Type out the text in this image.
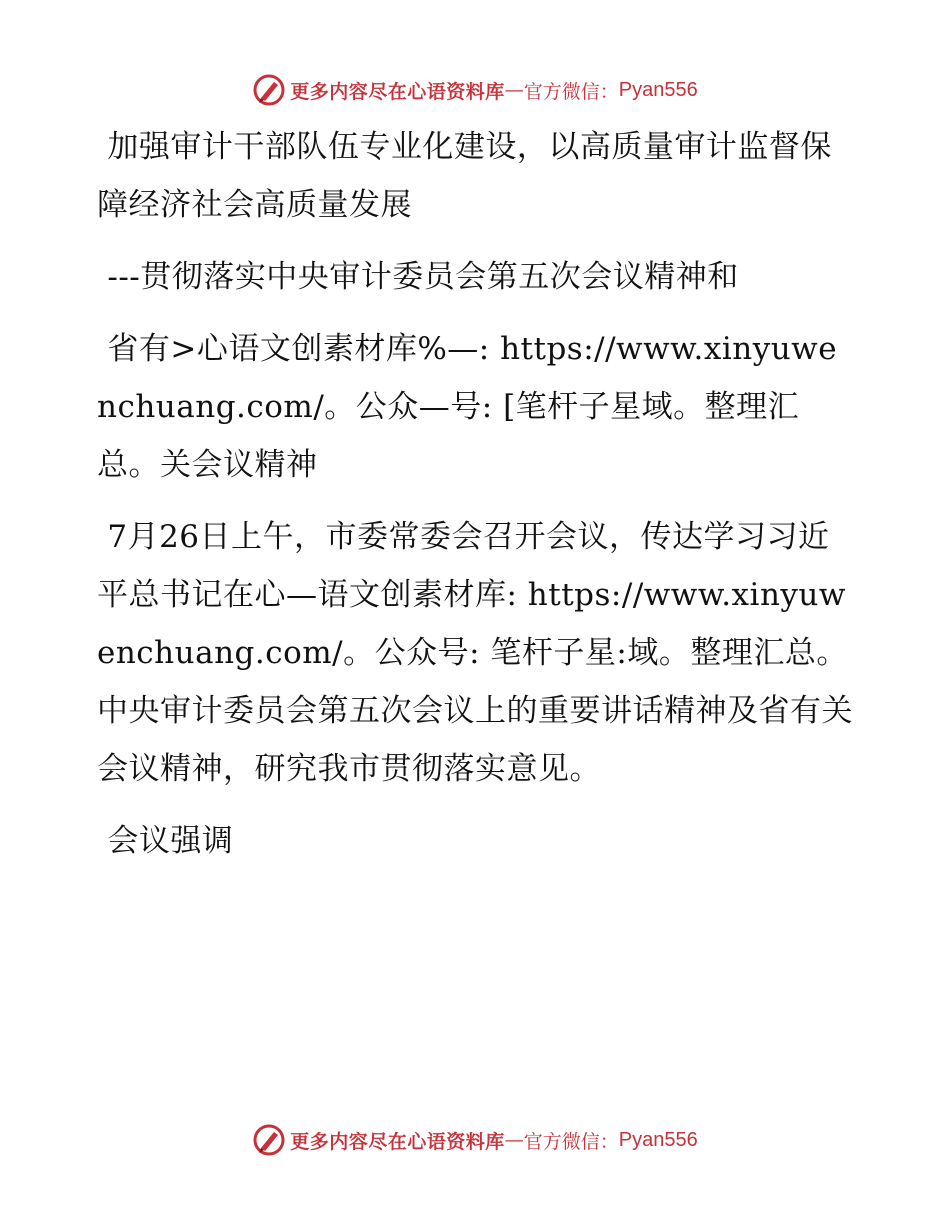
更多内容尽在心语资料库 — 官方微信： Pyan556

加强审计干部队伍专业化建设，以高质量审计监督保障经济社会高质量发展

---贯彻落实中央审计委员会第五次会议精神和

省有>心语文创素材库%—: https://www.xinyuwenchuang.com/。公众—号: [笔杆子星域。整理汇总。关会议精神

7月26日上午，市委常委会召开会议，传达学习习近平总书记在心—语文创素材库: https://www.xinyuwenchuang.com/。公众号: 笔杆子星:域。整理汇总。中央审计委员会第五次会议上的重要讲话精神及省有关会议精神，研究我市贯彻落实意见。

会议强调

更多内容尽在心语资料库 — 官方微信： Pyan556
